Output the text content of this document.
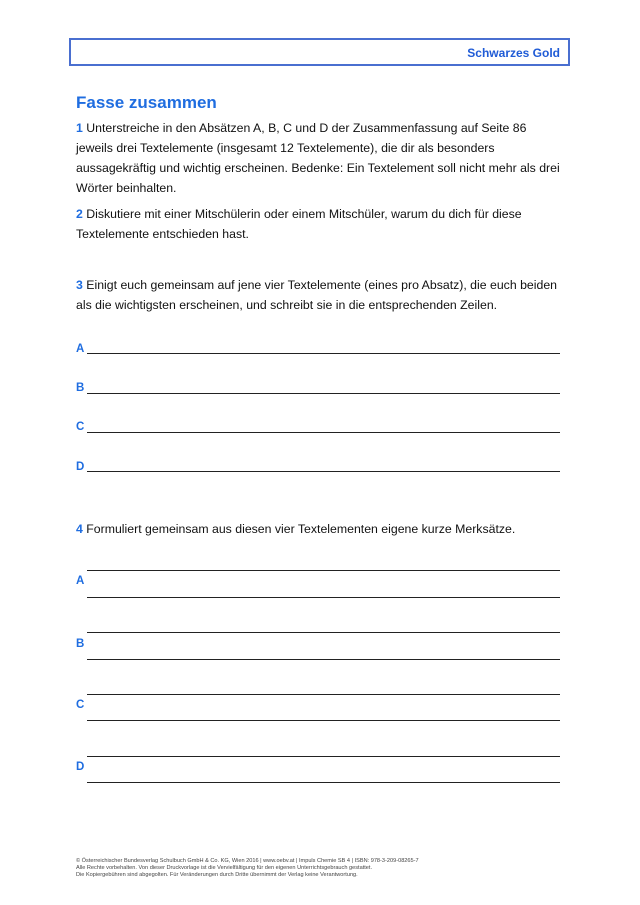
Schwarzes Gold
Fasse zusammen
1 Unterstreiche in den Absätzen A, B, C und D der Zusammenfassung auf Seite 86 jeweils drei Textelemente (insgesamt 12 Textelemente), die dir als besonders aussagekräftig und wichtig erscheinen. Bedenke: Ein Textelement soll nicht mehr als drei Wörter beinhalten.
2 Diskutiere mit einer Mitschülerin oder einem Mitschüler, warum du dich für diese Textelemente entschieden hast.
3 Einigt euch gemeinsam auf jene vier Textelemente (eines pro Absatz), die euch beiden als die wichtigsten erscheinen, und schreibt sie in die entsprechenden Zeilen.
A
B
C
D
4 Formuliert gemeinsam aus diesen vier Textelementen eigene kurze Merksätze.
A
B
C
D
© Österreichischer Bundesverlag Schulbuch GmbH & Co. KG, Wien 2016 | www.oebv.at | Impuls Chemie SB 4 | ISBN: 978-3-209-08265-7
Alle Rechte vorbehalten. Von dieser Druckvorlage ist die Vervielfältigung für den eigenen Unterrichtsgebrauch gestattet.
Die Kopiergebühren sind abgegolten. Für Veränderungen durch Dritte übernimmt der Verlag keine Verantwortung.
